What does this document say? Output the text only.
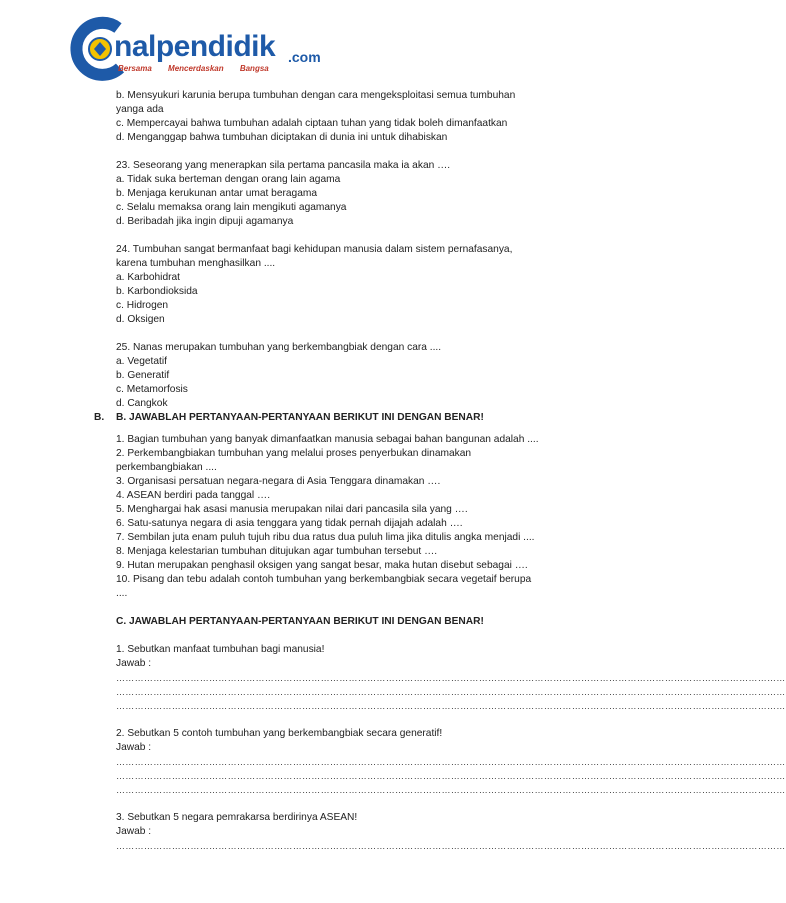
nalpendidik .com
Bersama Mencerdaskan Bangsa
b. Mensyukuri karunia berupa tumbuhan dengan cara mengeksploitasi semua tumbuhan
yanga ada
c. Mempercayai bahwa tumbuhan adalah ciptaan tuhan yang tidak boleh dimanfaatkan
d. Menganggap bahwa tumbuhan diciptakan di dunia ini untuk dihabiskan
23. Seseorang yang menerapkan sila pertama pancasila maka ia akan ….
a. Tidak suka berteman dengan orang lain agama
b. Menjaga kerukunan antar umat beragama
c. Selalu memaksa orang lain mengikuti agamanya
d. Beribadah jika ingin dipuji agamanya
24. Tumbuhan sangat bermanfaat bagi kehidupan manusia dalam sistem pernafasanya,
karena tumbuhan menghasilkan ....
a. Karbohidrat
b. Karbondioksida
c. Hidrogen
d. Oksigen
25. Nanas merupakan tumbuhan yang berkembangbiak dengan cara ....
a. Vegetatif
b. Generatif
c. Metamorfosis
d. Cangkok
B. B. JAWABLAH PERTANYAAN-PERTANYAAN BERIKUT INI DENGAN BENAR!
1. Bagian tumbuhan yang banyak dimanfaatkan manusia sebagai bahan bangunan adalah ....
2. Perkembangbiakan tumbuhan yang melalui proses penyerbukan dinamakan
perkembangbiakan ....
3. Organisasi persatuan negara-negara di Asia Tenggara dinamakan ….
4. ASEAN berdiri pada tanggal ….
5. Menghargai hak asasi manusia merupakan nilai dari pancasila sila yang ….
6. Satu-satunya negara di asia tenggara yang tidak pernah dijajah adalah ….
7. Sembilan juta enam puluh tujuh ribu dua ratus dua puluh lima jika ditulis angka menjadi ....
8. Menjaga kelestarian tumbuhan ditujukan agar tumbuhan tersebut ….
9. Hutan merupakan penghasil oksigen yang sangat besar, maka hutan disebut sebagai ….
10. Pisang dan tebu adalah contoh tumbuhan yang berkembangbiak secara vegetaif berupa
....
C. JAWABLAH PERTANYAAN-PERTANYAAN BERIKUT INI DENGAN BENAR!
1. Sebutkan manfaat tumbuhan bagi manusia!
Jawab :
………………………………………………………………………………………………………………………………………………………………………………………………
………………………………………………………………………………………………………………………………………………………………………………………………
………………………………………………………………………………………………………………………………………………………………………………………………
2. Sebutkan 5 contoh tumbuhan yang berkembangbiak secara generatif!
Jawab :
………………………………………………………………………………………………………………………………………………………………………………………………
………………………………………………………………………………………………………………………………………………………………………………………………
………………………………………………………………………………………………………………………………………………………………………………………………
3. Sebutkan 5 negara pemrakarsa berdirinya ASEAN!
Jawab :
………………………………………………………………………………………………………………………………………………………………………………………………
